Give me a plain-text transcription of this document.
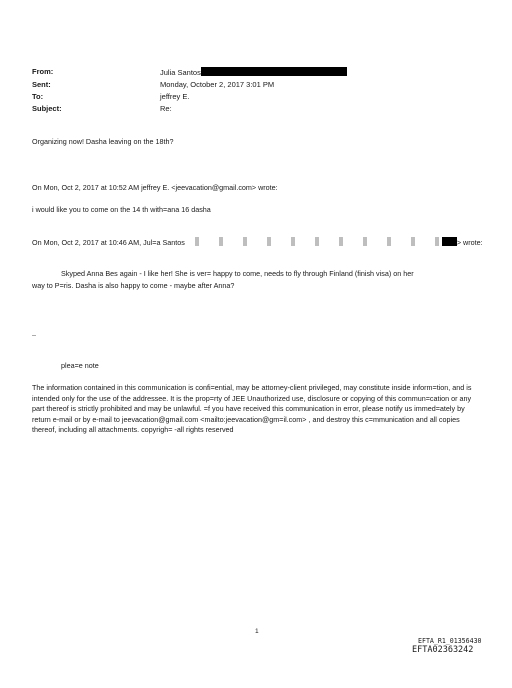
From:	Julia Santos
Sent:	Monday, October 2, 2017 3:01 PM
To:	jeffrey E.
Subject:	Re:
Organizing now! Dasha leaving on the 18th?
On Mon, Oct 2, 2017 at 10:52 AM jeffrey E. <jeevacation@gmail.com> wrote:
i would like you to come on the 14 th with=ana 16 dasha
On Mon, Oct 2, 2017 at 10:46 AM, Jul=a Santos	> wrote:
Skyped Anna Bes again - I like her! She is ver= happy to come, needs to fly through Finland (finish visa) on her
way to P=ris. Dasha is also happy to come - maybe after Anna?
--
plea=e note
The information contained in this communication is confi=ential, may be attorney-client privileged, may constitute inside inform=tion, and is intended only for the use of the addressee. It is the prop=rty of JEE Unauthorized use, disclosure or copying of this commun=cation or any part thereof is strictly prohibited and may be unlawful. =f you have received this communication in error, please notify us immed=ately by return e-mail or by e-mail to jeevacation@gmail.com <mailto:jeevacation@gm=il.com> , and destroy this c=mmunication and all copies thereof, including all attachments. copyrigh= -all rights reserved
1
EFTA_R1_01356430
EFTA02363242
